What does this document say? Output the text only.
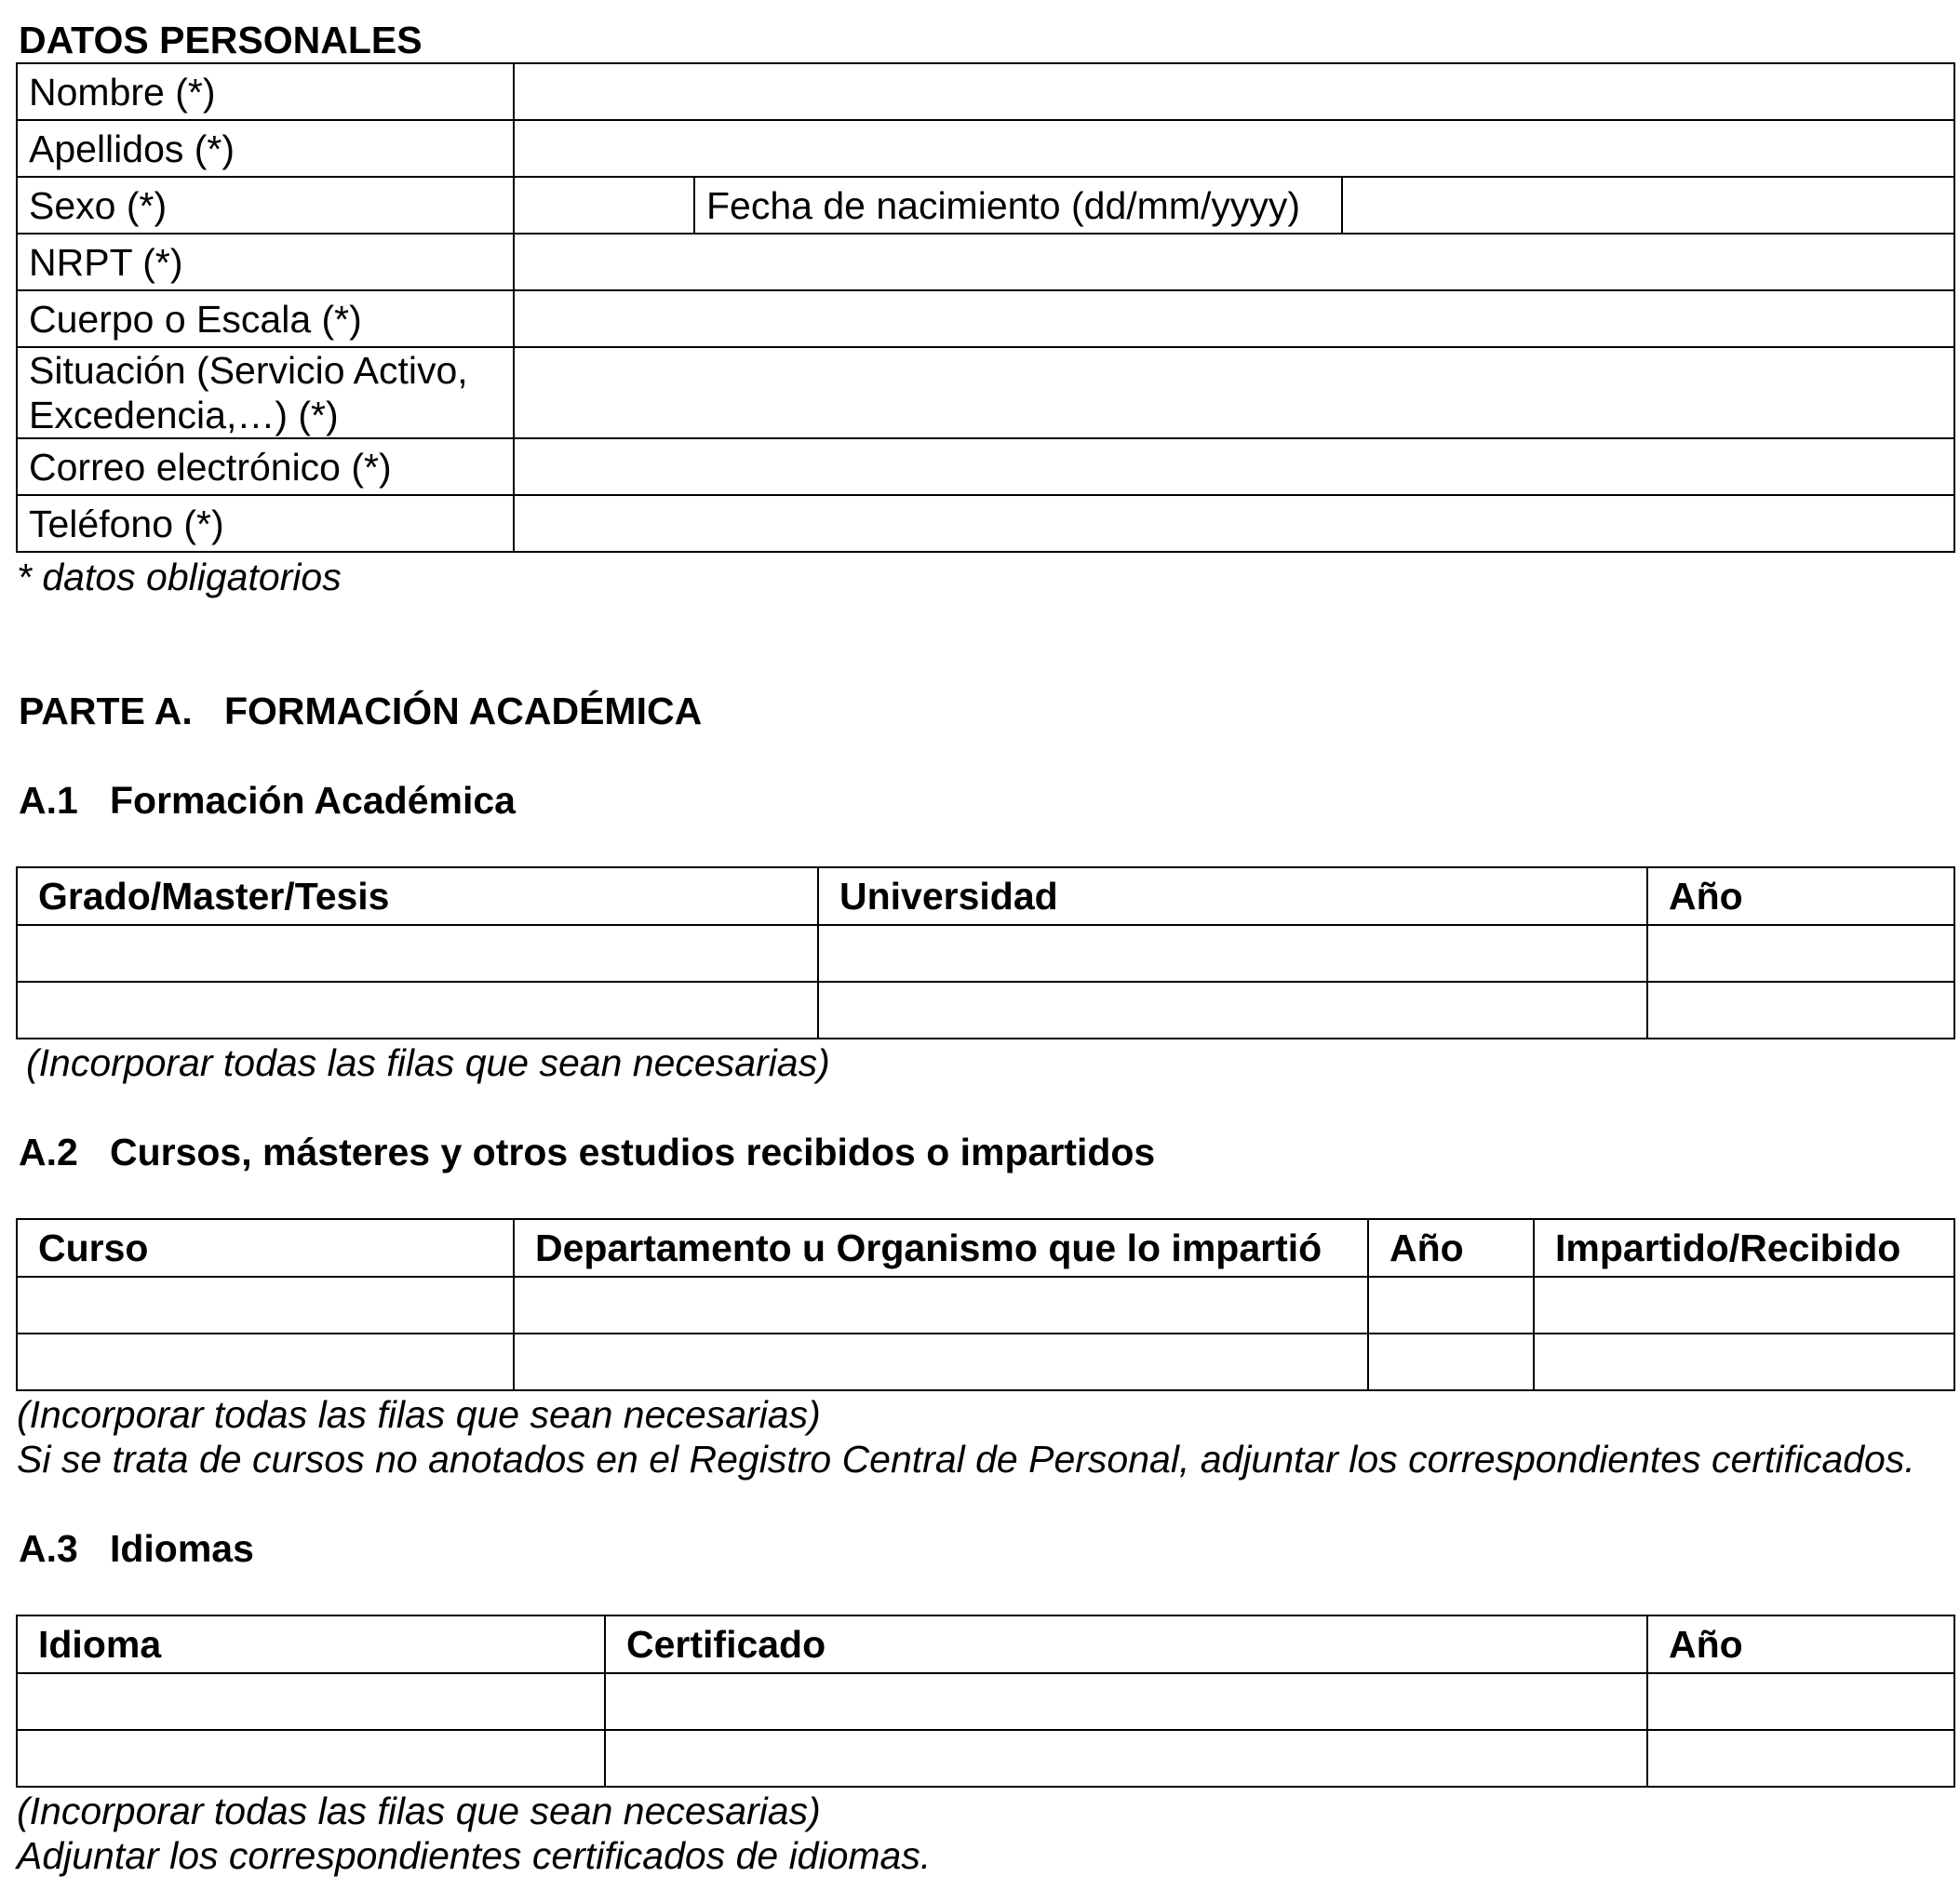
DATOS PERSONALES
Nombre (*)			
Apellidos (*)			
Sexo (*)		Fecha de nacimiento (dd/mm/yyyy)	
NRPT (*)			
Cuerpo o Escala (*)			
Situación (Servicio Activo, Excedencia,…) (*)			
Correo electrónico (*)			
Teléfono (*)			
* datos obligatorios
PARTE A.   FORMACIÓN ACADÉMICA
A.1   Formación Académica
Grado/Master/Tesis	Universidad	Año

(Incorporar todas las filas que sean necesarias)
A.2   Cursos, másteres y otros estudios recibidos o impartidos
Curso	Departamento u Organismo que lo impartió	Año	Impartido/Recibido

(Incorporar todas las filas que sean necesarias)
Si se trata de cursos no anotados en el Registro Central de Personal, adjuntar los correspondientes certificados.
A.3   Idiomas
Idioma	Certificado	Año

(Incorporar todas las filas que sean necesarias)
Adjuntar los correspondientes certificados de idiomas.
